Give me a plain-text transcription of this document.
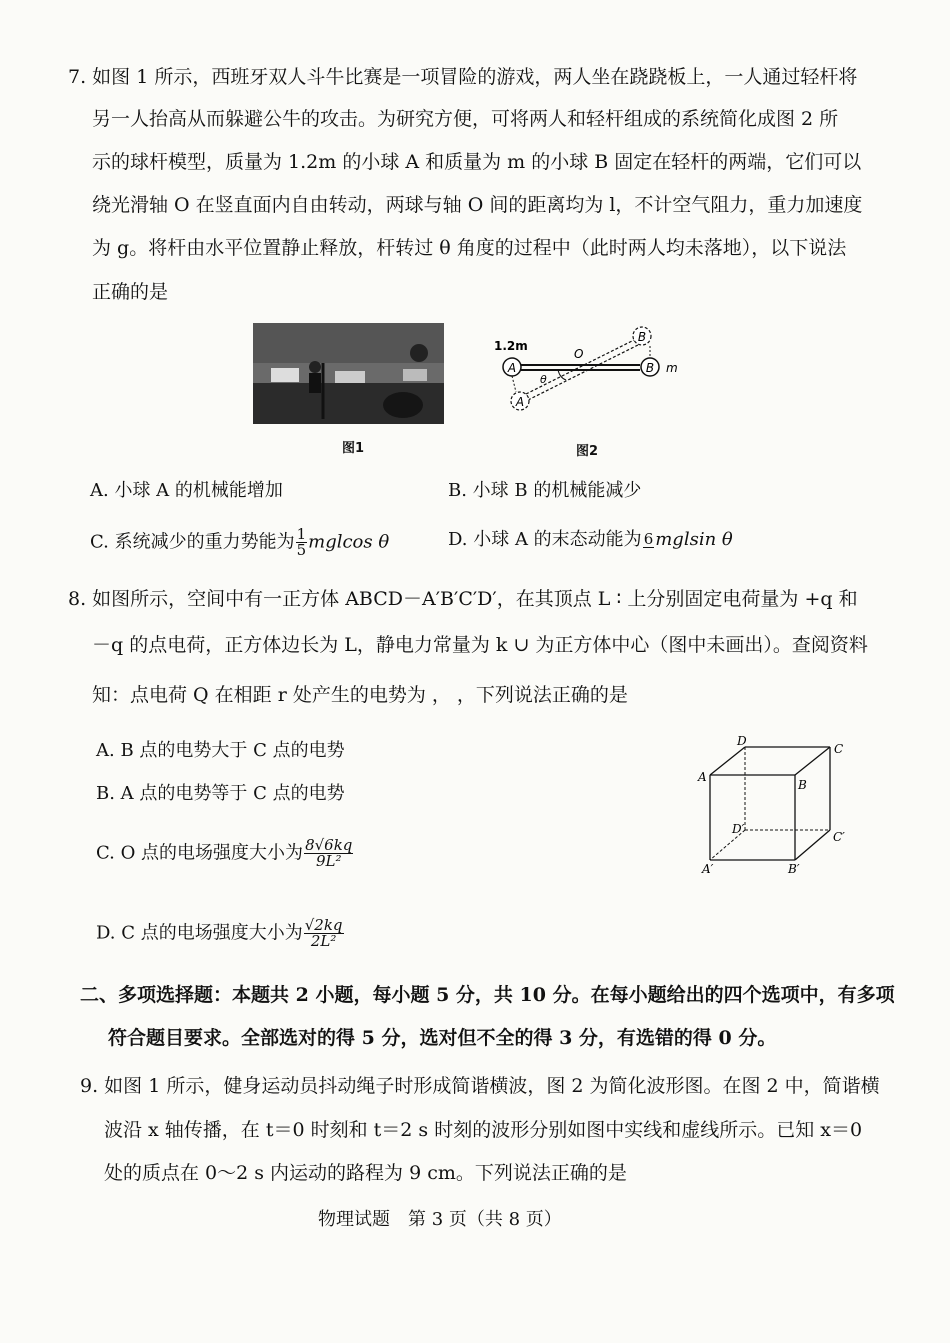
7. 如图 1 所示，西班牙双人斗牛比赛是一项冒险的游戏，两人坐在跷跷板上，一人通过轻杆将
另一人抬高从而躲避公牛的攻击。为研究方便，可将两人和轻杆组成的系统简化成图 2 所
示的球杆模型，质量为 1.2m 的小球 A 和质量为 m 的小球 B 固定在轻杆的两端，它们可以
绕光滑轴 O 在竖直面内自由转动，两球与轴 O 间的距离均为 l，不计空气阻力，重力加速度
为 g。将杆由水平位置静止释放，杆转过 θ 角度的过程中（此时两人均未落地），以下说法
正确的是
图1
1.2m
A	B m
A
B
O
θ
图2
A. 小球 A 的机械能增加	B. 小球 B 的机械能减少
C. 系统减少的重力势能为 $\frac{1}{5}$ mglcos θ	D. 小球 A 的末态动能为 6 mglsin θ
8. 如图所示，空间中有一正方体 ABCD－A′B′C′D′，在其顶点 L ∶ 上分别固定电荷量为 +q 和
－q 的点电荷，正方体边长为 L，静电力常量为 k ∪ 为正方体中心（图中未画出）。查阅资料
知：点电荷 Q 在相距 r 处产生的电势为 ， ，下列说法正确的是
A. B 点的电势大于 C 点的电势
B. A 点的电势等于 C 点的电势
C. O 点的电场强度大小为 $\frac{8√6kq}{\text{9L²}}$
D. C 点的电场强度大小为 $\frac{√2kq}{\text{2L²}}$
D
C
A
B
D′
C′
A′	B′
二、多项选择题：本题共 2 小题，每小题 5 分，共 10 分。在每小题给出的四个选项中，有多项
符合题目要求。全部选对的得 5 分，选对但不全的得 3 分，有选错的得 0 分。
9. 如图 1 所示，健身运动员抖动绳子时形成简谐横波，图 2 为简化波形图。在图 2 中，简谐横
波沿 x 轴传播，在 t＝0 时刻和 t＝2 s 时刻的波形分别如图中实线和虚线所示。已知 x＝0
处的质点在 0～2 s 内运动的路程为 9 cm。下列说法正确的是
物理试题　第 3 页（共 8 页）
